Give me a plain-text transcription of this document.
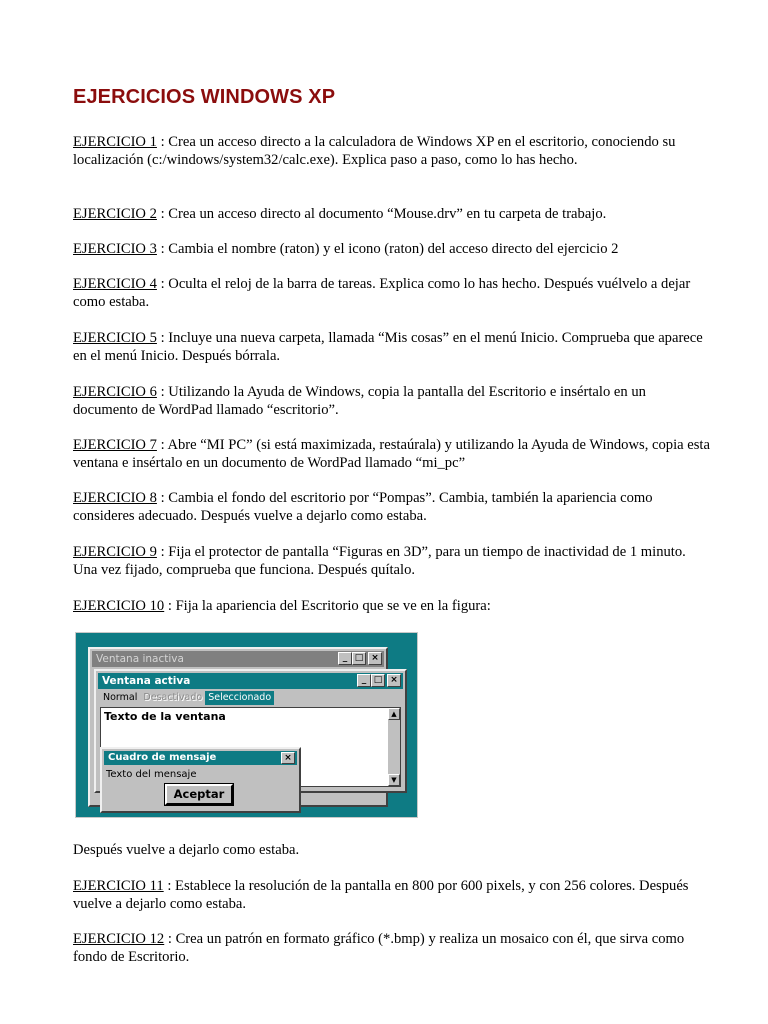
EJERCICIOS WINDOWS XP

EJERCICIO 1 : Crea un acceso directo a la calculadora de Windows XP en el escritorio, conociendo su localización (c:/windows/system32/calc.exe). Explica paso a paso, como lo has hecho.

EJERCICIO 2 : Crea un acceso directo al documento “Mouse.drv” en tu carpeta de trabajo.

EJERCICIO 3 : Cambia el nombre (raton) y el icono (raton) del acceso directo del ejercicio 2

EJERCICIO 4 : Oculta el reloj de la barra de tareas. Explica como lo has hecho. Después vuélvelo a dejar como estaba.

EJERCICIO 5 : Incluye una nueva carpeta, llamada “Mis cosas” en el menú Inicio. Comprueba que aparece en el menú Inicio. Después bórrala.

EJERCICIO 6 : Utilizando la Ayuda de Windows, copia la pantalla del Escritorio e insértalo en un documento de WordPad llamado “escritorio”.

EJERCICIO 7 : Abre “MI PC” (si está maximizada, restaúrala) y utilizando la Ayuda de Windows, copia esta ventana e insértalo en un documento de WordPad llamado “mi_pc”

EJERCICIO 8 : Cambia el fondo del escritorio por “Pompas”. Cambia, también la apariencia como consideres adecuado. Después vuelve a dejarlo como estaba.

EJERCICIO 9 : Fija el protector de pantalla “Figuras en 3D”, para un tiempo de inactividad de 1 minuto. Una vez fijado, comprueba que funciona. Después quítalo.

EJERCICIO 10 : Fija la apariencia del Escritorio que se ve en la figura:

Ventana inactiva	_ □ ×
Ventana activa	_ □ ×
Normal Desactivado Seleccionado
Texto de la ventana	▲
▼
Cuadro de mensaje	×
Texto del mensaje
Aceptar

Después vuelve a dejarlo como estaba.

EJERCICIO 11 : Establece la resolución de la pantalla en 800 por 600 pixels, y con 256 colores. Después vuelve a dejarlo como estaba.

EJERCICIO 12 : Crea un patrón en formato gráfico (*.bmp) y realiza un mosaico con él, que sirva como fondo de Escritorio.
